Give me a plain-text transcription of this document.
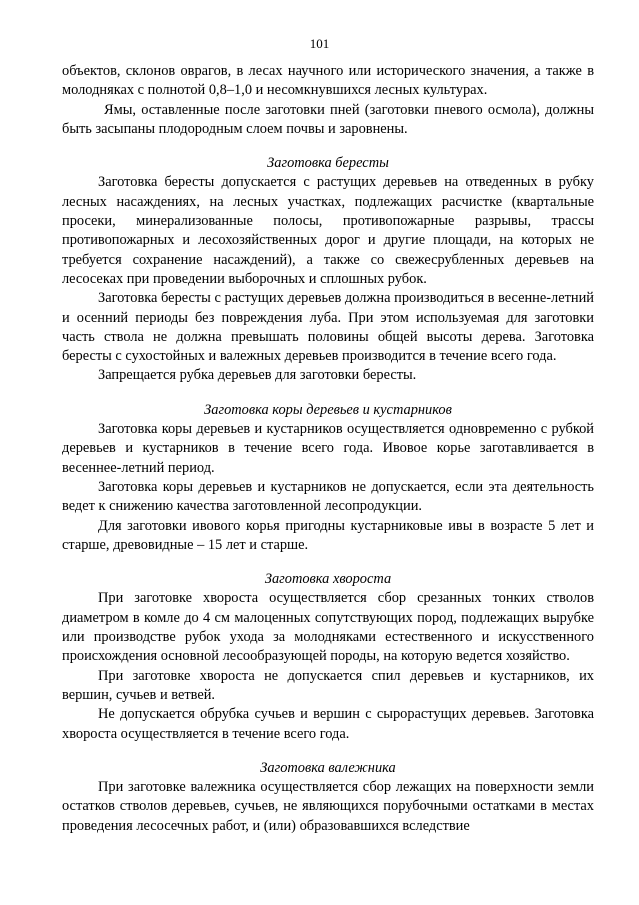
101

объектов, склонов оврагов, в лесах научного или исторического значения, а также в молодняках с полнотой 0,8–1,0 и несомкнувшихся лесных культурах.

Ямы, оставленные после заготовки пней (заготовки пневого осмола), должны быть засыпаны плодородным слоем почвы и заровнены.

Заготовка бересты

Заготовка бересты допускается с растущих деревьев на отведенных в рубку лесных насаждениях, на лесных участках, подлежащих расчистке (квартальные просеки, минерализованные полосы, противопожарные разрывы, трассы противопожарных и лесохозяйственных дорог и другие площади, на которых не требуется сохранение насаждений), а также со свежесрубленных деревьев на лесосеках при проведении выборочных и сплошных рубок.

Заготовка бересты с растущих деревьев должна производиться в весенне-летний и осенний периоды без повреждения луба. При этом используемая для заготовки часть ствола не должна превышать половины общей высоты дерева. Заготовка бересты с сухостойных и валежных деревьев производится в течение всего года.

Запрещается рубка деревьев для заготовки бересты.

Заготовка коры деревьев и кустарников

Заготовка коры деревьев и кустарников осуществляется одновременно с рубкой деревьев и кустарников в течение всего года. Ивовое корье заготавливается в весеннее-летний период.

Заготовка коры деревьев и кустарников не допускается, если эта деятельность ведет к снижению качества заготовленной лесопродукции.

Для заготовки ивового корья пригодны кустарниковые ивы в возрасте 5 лет и старше, древовидные – 15 лет и старше.

Заготовка хвороста

При заготовке хвороста осуществляется сбор срезанных тонких стволов диаметром в комле до 4 см малоценных сопутствующих пород, подлежащих вырубке или производстве рубок ухода за молодняками естественного и искусственного происхождения основной лесообразующей породы, на которую ведется хозяйство.

При заготовке хвороста не допускается спил деревьев и кустарников, их вершин, сучьев и ветвей.

Не допускается обрубка сучьев и вершин с сырорастущих деревьев. Заготовка хвороста осуществляется в течение всего года.

Заготовка валежника

При заготовке валежника осуществляется сбор лежащих на поверхности земли остатков стволов деревьев, сучьев, не являющихся порубочными остатками в местах проведения лесосечных работ, и (или) образовавшихся вследствие
